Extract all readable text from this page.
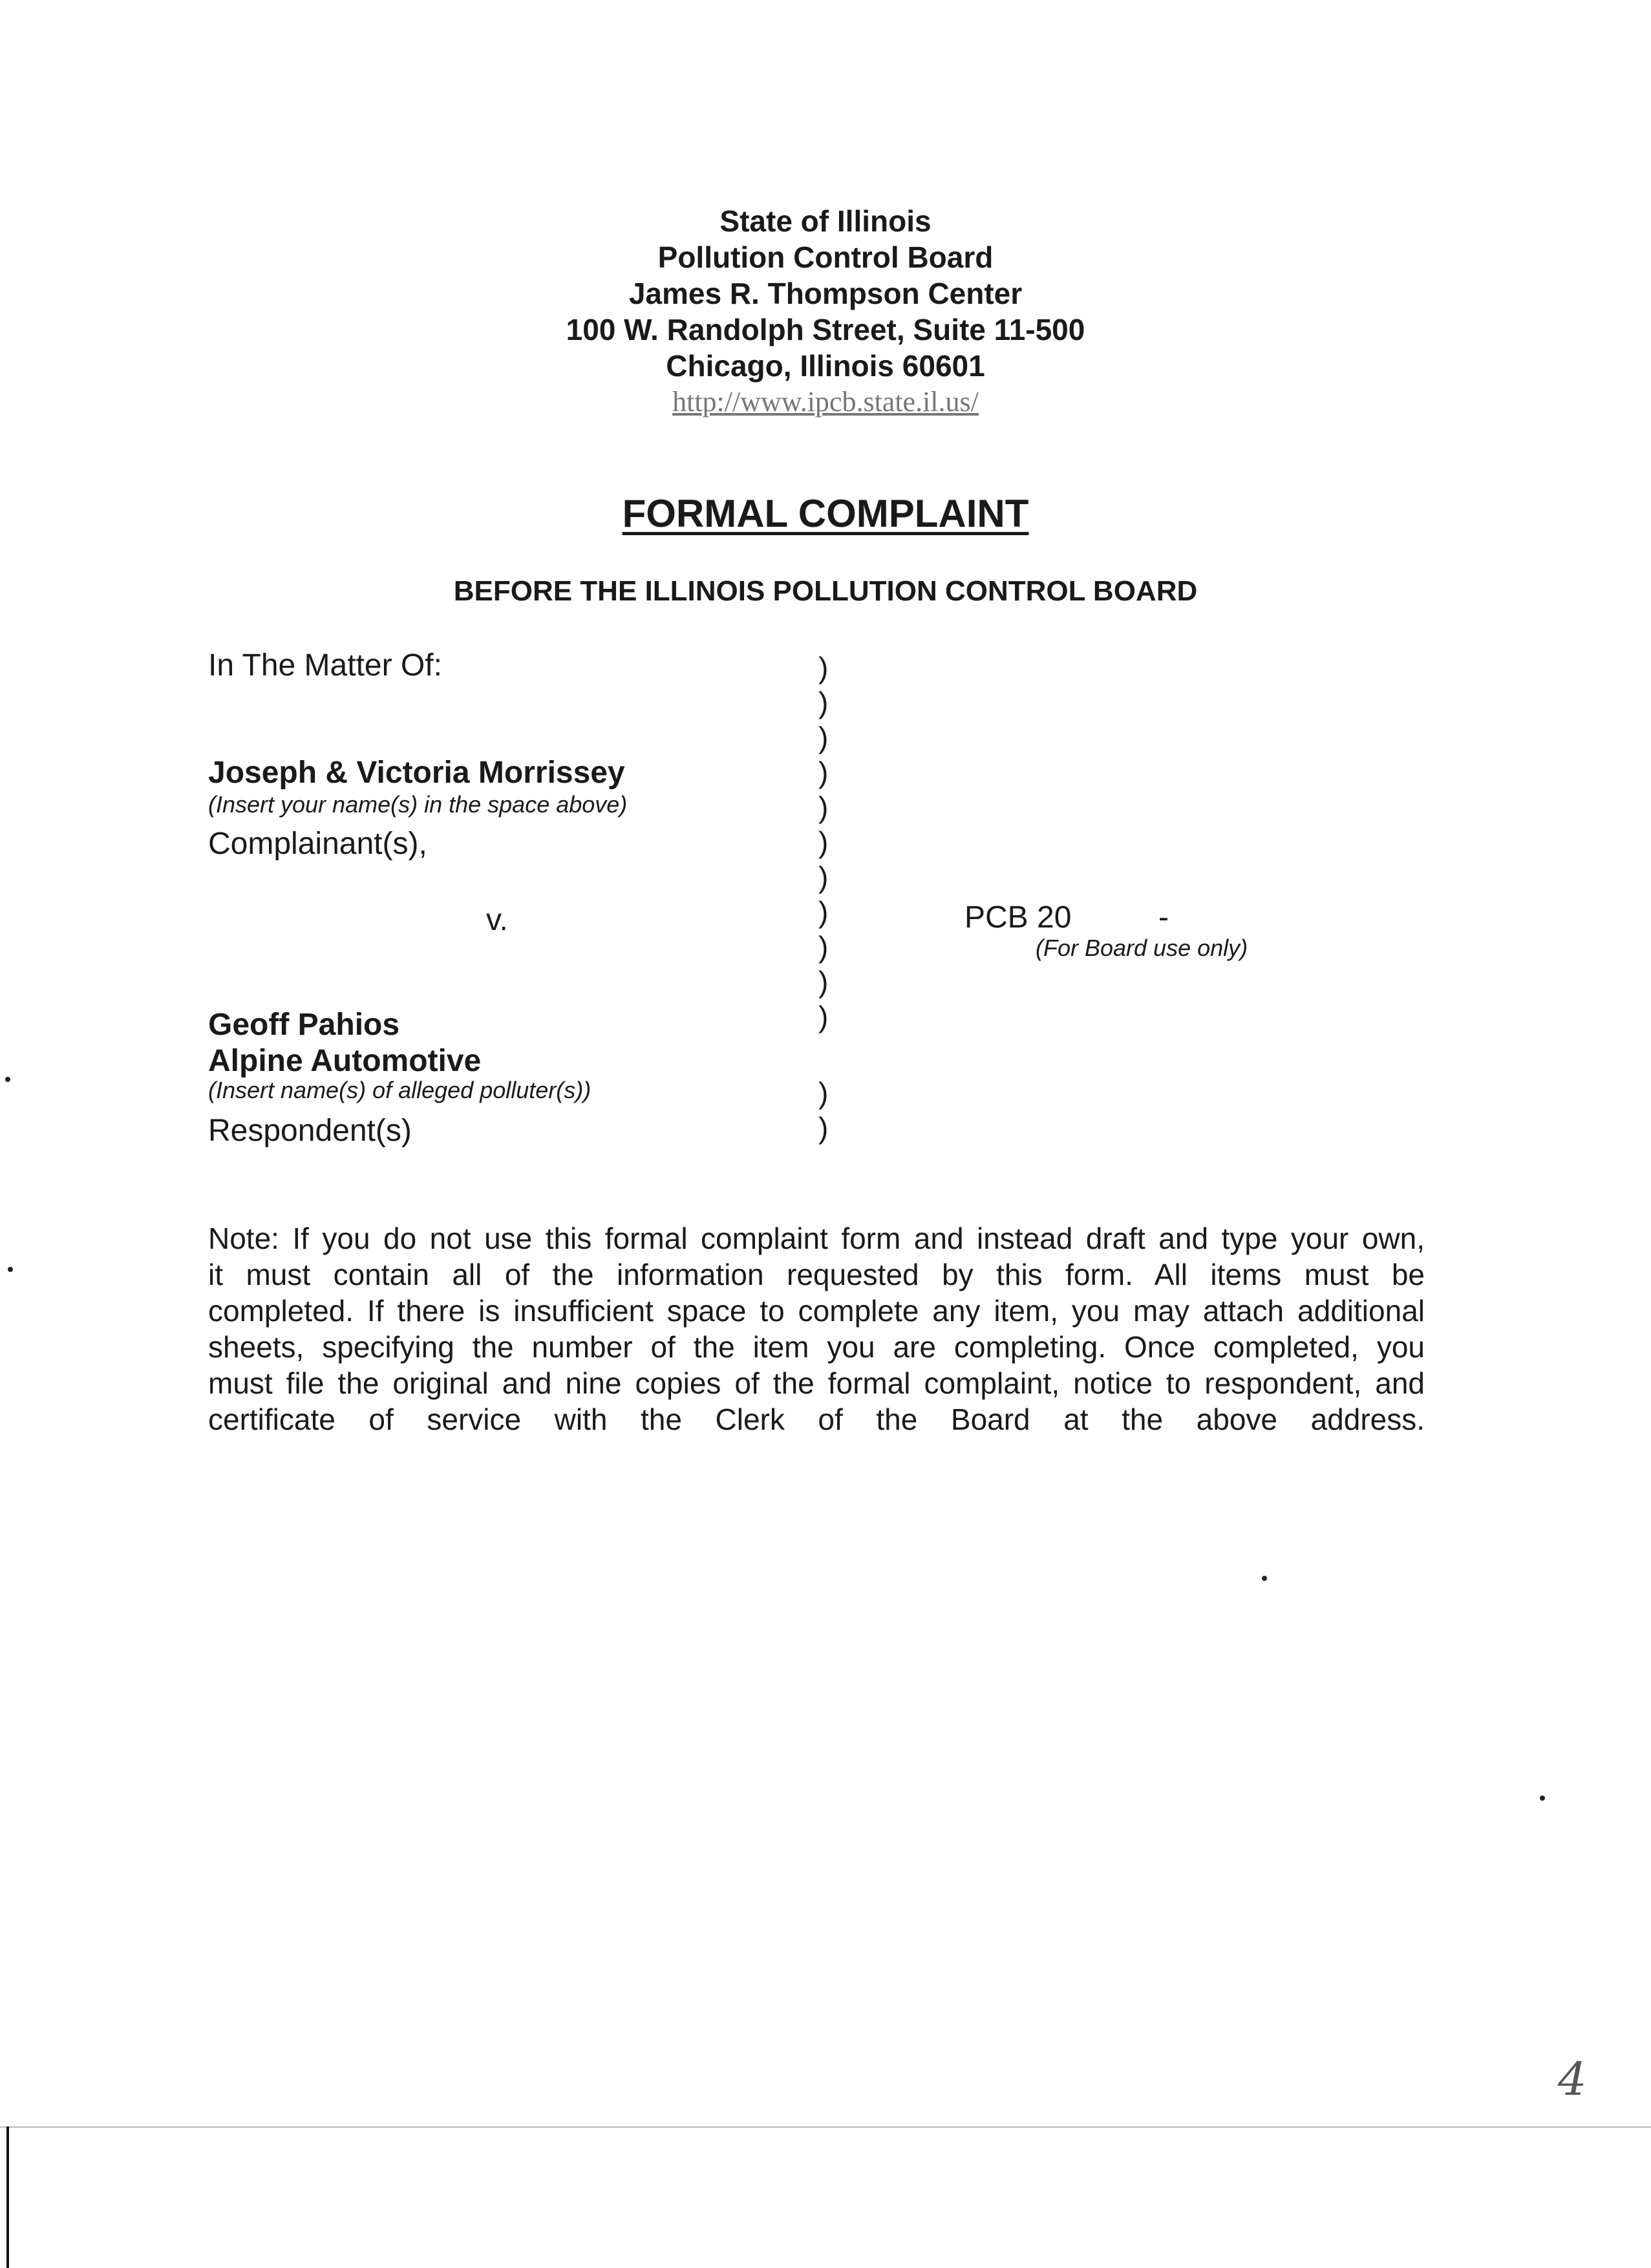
State of Illinois
Pollution Control Board
James R. Thompson Center
100 W. Randolph Street, Suite 11-500
Chicago, Illinois 60601
http://www.ipcb.state.il.us/
FORMAL COMPLAINT
BEFORE THE ILLINOIS POLLUTION CONTROL BOARD
In The Matter Of:
Joseph & Victoria Morrissey
(Insert your name(s) in the space above)
Complainant(s),
v.
Geoff Pahios
Alpine Automotive
(Insert name(s) of alleged polluter(s))
Respondent(s)
)
)
)
)
)
)
)
)
)
)
)
)
)
PCB 20	-
(For Board use only)
Note: If you do not use this formal complaint form and instead draft and type your own,
it must contain all of the information requested by this form. All items must be
completed. If there is insufficient space to complete any item, you may attach additional
sheets, specifying the number of the item you are completing. Once completed, you
must file the original and nine copies of the formal complaint, notice to respondent, and
certificate of service with the Clerk of the Board at the above address.
4
